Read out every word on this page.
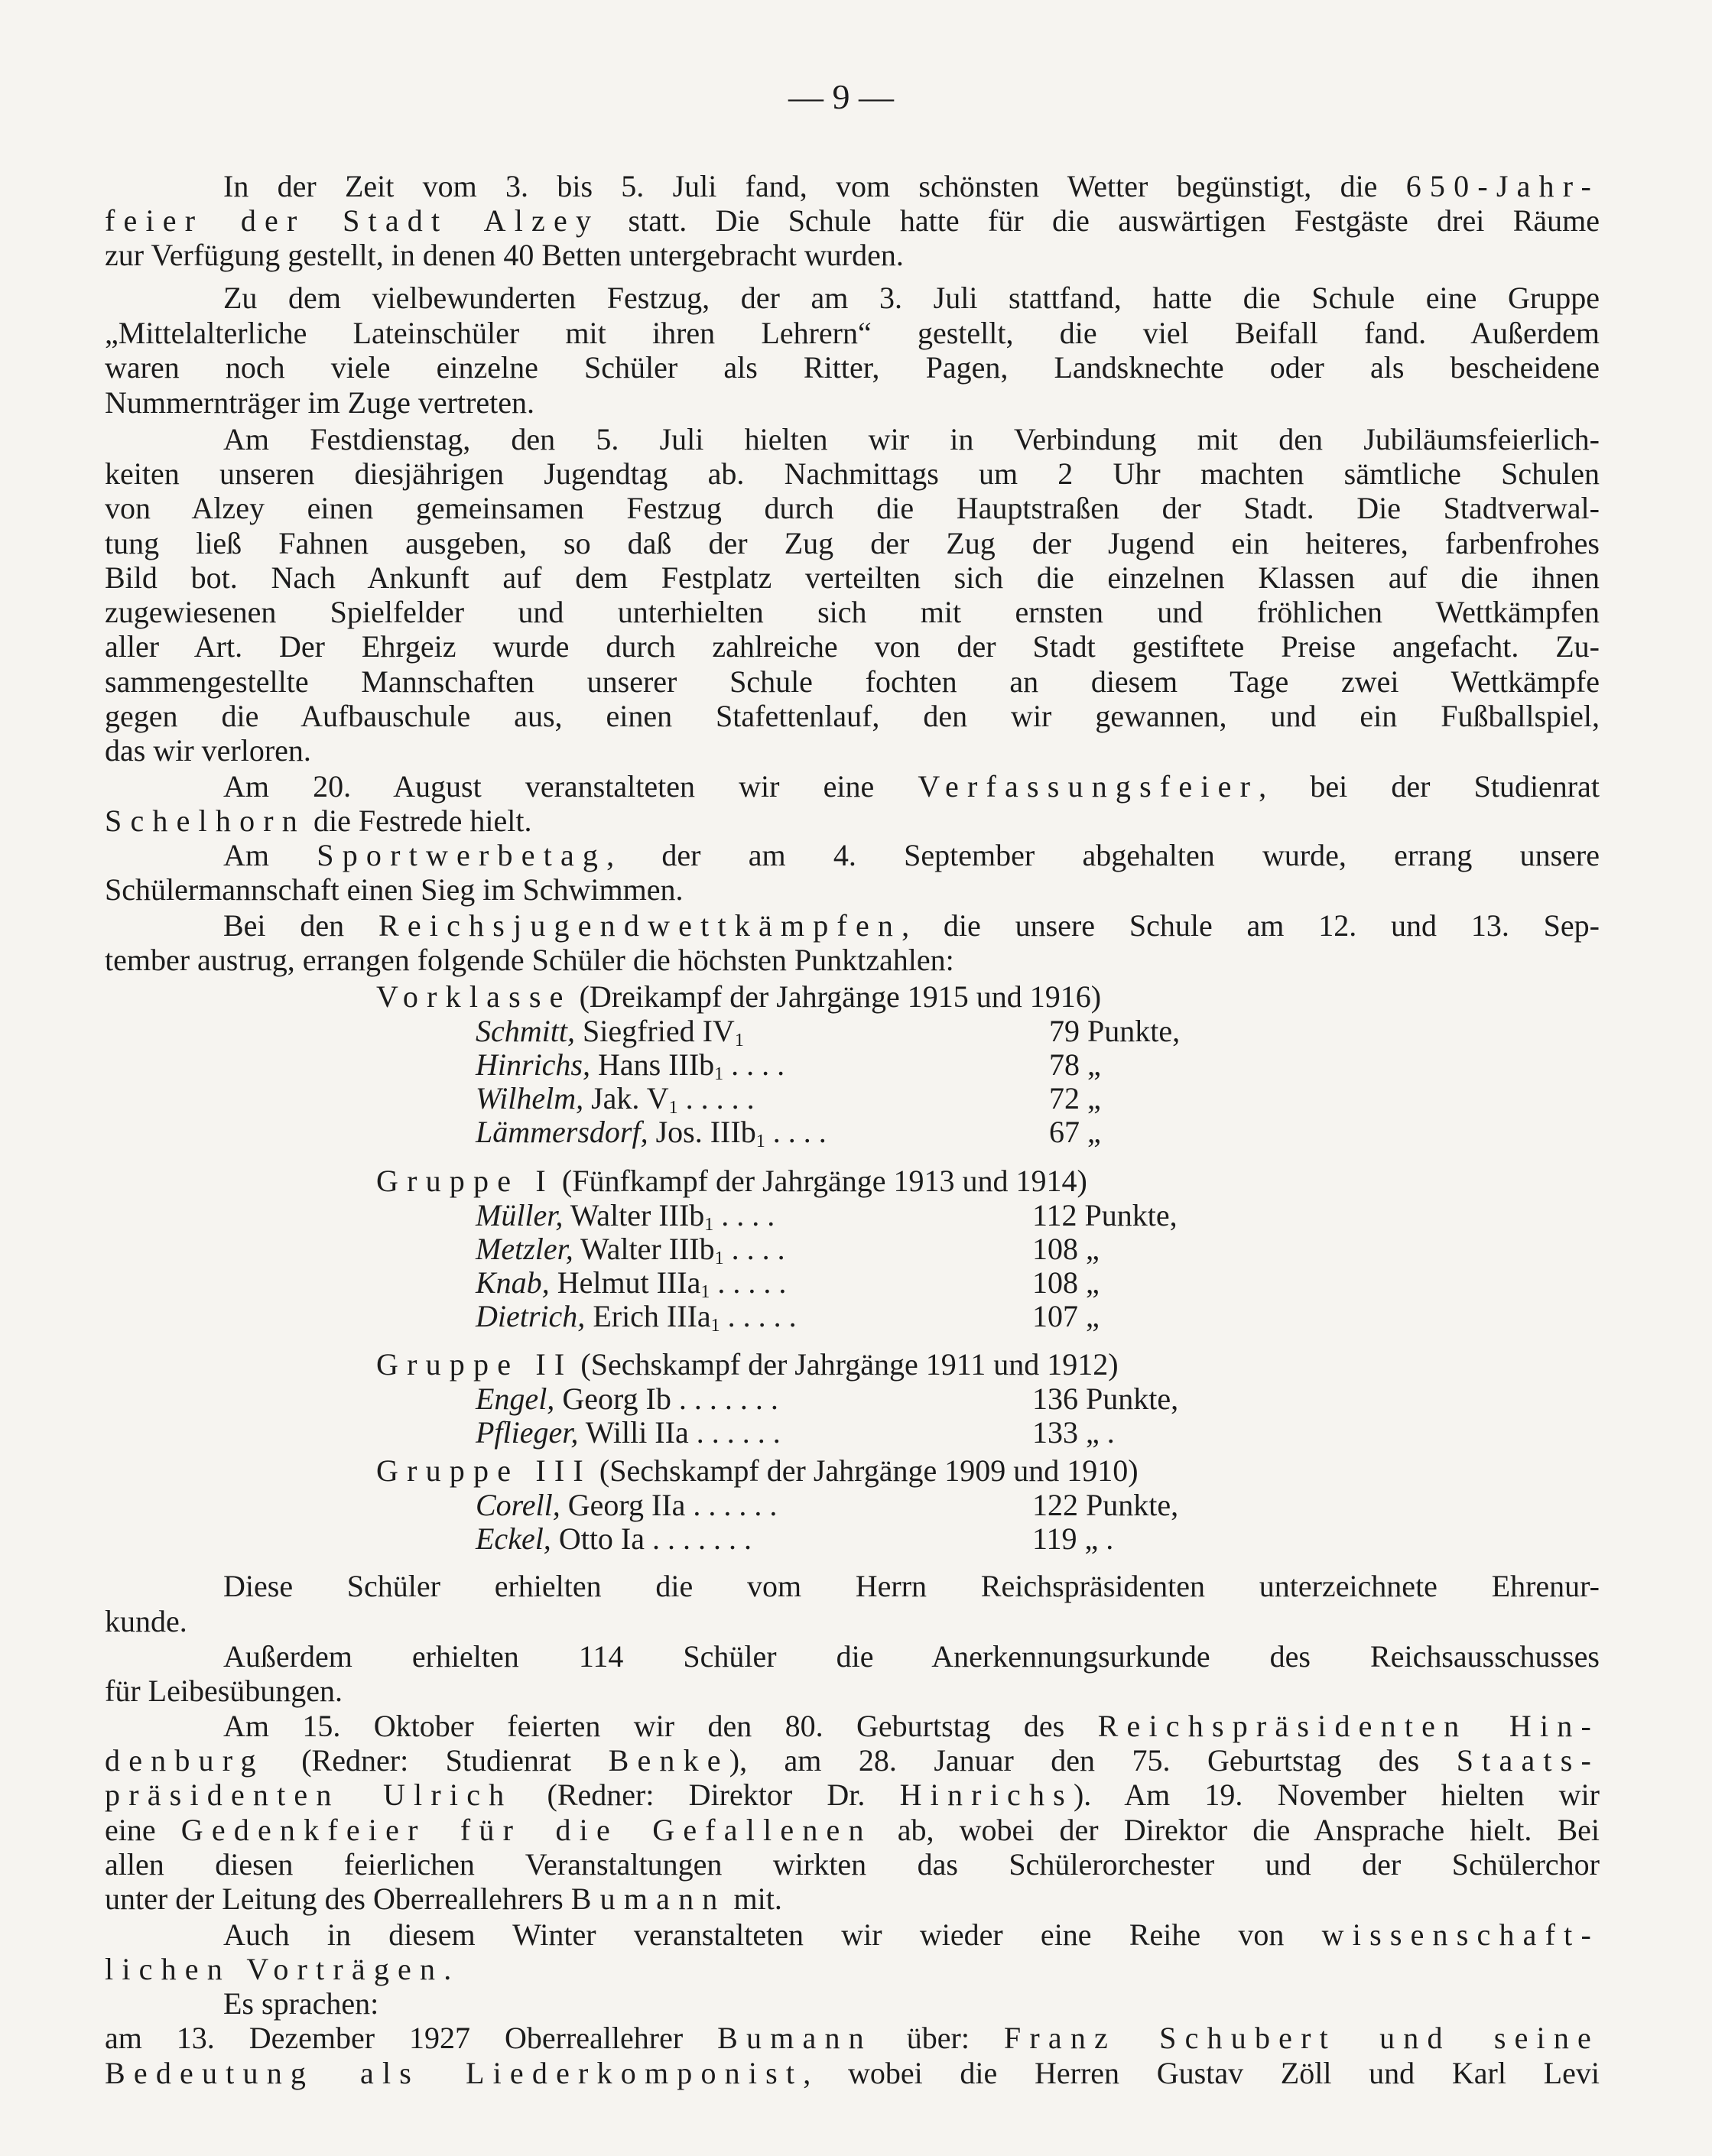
— 9 —
In der Zeit vom 3. bis 5. Juli fand, vom schönsten Wetter begünstigt, die 650-Jahr-
feier der Stadt Alzey statt. Die Schule hatte für die auswärtigen Festgäste drei Räume
zur Verfügung gestellt, in denen 40 Betten untergebracht wurden.
Zu dem vielbewunderten Festzug, der am 3. Juli stattfand, hatte die Schule eine Gruppe
„Mittelalterliche Lateinschüler mit ihren Lehrern“ gestellt, die viel Beifall fand. Außerdem
waren noch viele einzelne Schüler als Ritter, Pagen, Landsknechte oder als bescheidene
Nummernträger im Zuge vertreten.
Am Festdienstag, den 5. Juli hielten wir in Verbindung mit den Jubiläumsfeierlich-
keiten unseren diesjährigen Jugendtag ab. Nachmittags um 2 Uhr machten sämtliche Schulen
von Alzey einen gemeinsamen Festzug durch die Hauptstraßen der Stadt. Die Stadtverwal-
tung ließ Fahnen ausgeben, so daß der Zug der Zug der Jugend ein heiteres, farbenfrohes
Bild bot. Nach Ankunft auf dem Festplatz verteilten sich die einzelnen Klassen auf die ihnen
zugewiesenen Spielfelder und unterhielten sich mit ernsten und fröhlichen Wettkämpfen
aller Art. Der Ehrgeiz wurde durch zahlreiche von der Stadt gestiftete Preise angefacht. Zu-
sammengestellte Mannschaften unserer Schule fochten an diesem Tage zwei Wettkämpfe
gegen die Aufbauschule aus, einen Stafettenlauf, den wir gewannen, und ein Fußballspiel,
das wir verloren.
Am 20. August veranstalteten wir eine Verfassungsfeier, bei der Studienrat
Schelhorn die Festrede hielt.
Am Sportwerbetag, der am 4. September abgehalten wurde, errang unsere
Schülermannschaft einen Sieg im Schwimmen.
Bei den Reichsjugendwettkämpfen, die unsere Schule am 12. und 13. Sep-
tember austrug, errangen folgende Schüler die höchsten Punktzahlen:
Vorklasse (Dreikampf der Jahrgänge 1915 und 1916)
Schmitt, Siegfried $IV_1$	79 Punkte,
Hinrichs, Hans IIIb$_1$ . . . .	78 „
Wilhelm, Jak. $V_1$ . . . . .	72 „
Lämmersdorf, Jos. IIIb$_1$ . . . .	67 „
Gruppe I (Fünfkampf der Jahrgänge 1913 und 1914)
Müller, Walter IIIb$_1$ . . . .	112 Punkte,
Metzler, Walter IIIb$_1$ . . . .	108 „
Knab, Helmut IIIa$_1$ . . . . .	108 „
Dietrich, Erich IIIa$_1$ . . . . .	107 „
Gruppe II (Sechskampf der Jahrgänge 1911 und 1912)
Engel, Georg Ib . . . . . . .	136 Punkte,
Pflieger, Willi IIa . . . . . .	133 „ .
Gruppe III (Sechskampf der Jahrgänge 1909 und 1910)
Corell, Georg IIa . . . . . .	122 Punkte,
Eckel, Otto Ia . . . . . . .	119 „ .
Diese Schüler erhielten die vom Herrn Reichspräsidenten unterzeichnete Ehrenur-
kunde.
Außerdem erhielten 114 Schüler die Anerkennungsurkunde des Reichsausschusses
für Leibesübungen.
Am 15. Oktober feierten wir den 80. Geburtstag des Reichspräsidenten Hin-
denburg (Redner: Studienrat Benke), am 28. Januar den 75. Geburtstag des Staats-
präsidenten Ulrich (Redner: Direktor Dr. Hinrichs). Am 19. November hielten wir
eine Gedenkfeier für die Gefallenen ab, wobei der Direktor die Ansprache hielt. Bei
allen diesen feierlichen Veranstaltungen wirkten das Schülerorchester und der Schülerchor
unter der Leitung des Oberreallehrers Bumann mit.
Auch in diesem Winter veranstalteten wir wieder eine Reihe von wissenschaft-
lichen Vorträgen.
Es sprachen:
am 13. Dezember 1927 Oberreallehrer Bumann über: Franz Schubert und seine
Bedeutung als Liederkomponist, wobei die Herren Gustav Zöll und Karl Levi
